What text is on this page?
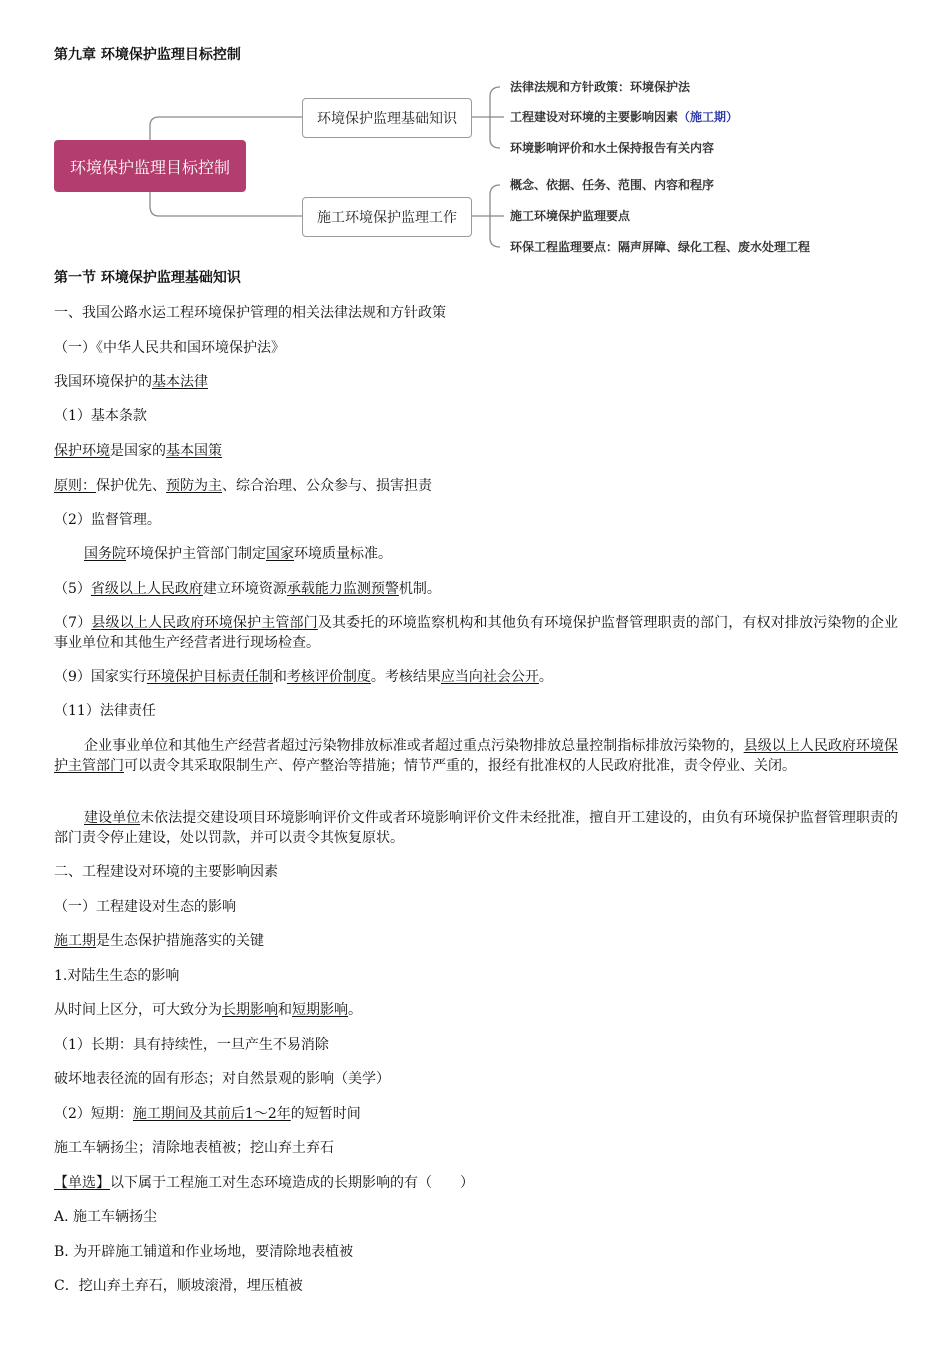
第九章 环境保护监理目标控制
环境保护监理目标控制
环境保护监理基础知识
施工环境保护监理工作
法律法规和方针政策：环境保护法
工程建设对环境的主要影响因素（施工期）
环境影响评价和水土保持报告有关内容
概念、依据、任务、范围、内容和程序
施工环境保护监理要点
环保工程监理要点：隔声屏障、绿化工程、废水处理工程
第一节 环境保护监理基础知识
一、我国公路水运工程环境保护管理的相关法律法规和方针政策
（一）《中华人民共和国环境保护法》
我国环境保护的基本法律
（1）基本条款
保护环境是国家的基本国策
原则：保护优先、预防为主、综合治理、公众参与、损害担责
（2）监督管理。
国务院环境保护主管部门制定国家环境质量标准。
（5）省级以上人民政府建立环境资源承载能力监测预警机制。
（7）县级以上人民政府环境保护主管部门及其委托的环境监察机构和其他负有环境保护监督管理职责的部门，有权对排放污染物的企业事业单位和其他生产经营者进行现场检查。
（9）国家实行环境保护目标责任制和考核评价制度。考核结果应当向社会公开。
（11）法律责任
企业事业单位和其他生产经营者超过污染物排放标准或者超过重点污染物排放总量控制指标排放污染物的，县级以上人民政府环境保护主管部门可以责令其采取限制生产、停产整治等措施；情节严重的，报经有批准权的人民政府批准，责令停业、关闭。
建设单位未依法提交建设项目环境影响评价文件或者环境影响评价文件未经批准，擅自开工建设的，由负有环境保护监督管理职责的部门责令停止建设，处以罚款，并可以责令其恢复原状。
二、工程建设对环境的主要影响因素
（一）工程建设对生态的影响
施工期是生态保护措施落实的关键
1.对陆生生态的影响
从时间上区分，可大致分为长期影响和短期影响。
（1）长期：具有持续性，一旦产生不易消除
破坏地表径流的固有形态；对自然景观的影响（美学）
（2）短期：施工期间及其前后1～2年的短暂时间
施工车辆扬尘；清除地表植被；挖山弃土弃石
【单选】以下属于工程施工对生态环境造成的长期影响的有（　　）
A. 施工车辆扬尘
B. 为开辟施工铺道和作业场地，要清除地表植被
C．挖山弃土弃石，顺坡滚滑，埋压植被
